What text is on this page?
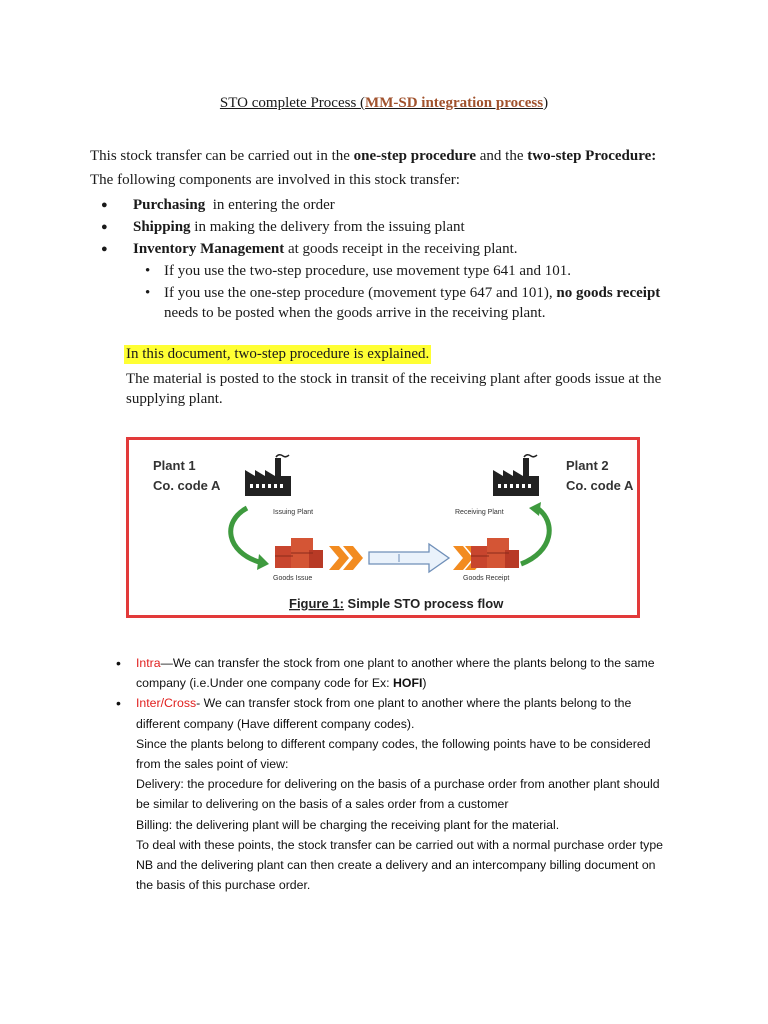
STO complete Process (MM-SD integration process)
This stock transfer can be carried out in the one-step procedure and the two-step Procedure:
The following components are involved in this stock transfer:
● Purchasing  in entering the order
● Shipping in making the delivery from the issuing plant
● Inventory Management at goods receipt in the receiving plant.
• If you use the two-step procedure, use movement type 641 and 101.
• If you use the one-step procedure (movement type 647 and 101), no goods receipt needs to be posted when the goods arrive in the receiving plant.
In this document, two-step procedure is explained.
The material is posted to the stock in transit of the receiving plant after goods issue at the supplying plant.
Plant 1
Co. code A
Plant 2
Co. code A
Issuing Plant	Receiving Plant
Goods Issue	Goods Receipt
Figure 1: Simple STO process flow
• Intra—We can transfer the stock from one plant to another where the plants belong to the same company (i.e.Under one company code for Ex: HOFI)
• Inter/Cross- We can transfer stock from one plant to another where the plants belong to the different company (Have different company codes).
Since the plants belong to different company codes, the following points have to be considered from the sales point of view:
Delivery: the procedure for delivering on the basis of a purchase order from another plant should be similar to delivering on the basis of a sales order from a customer
Billing: the delivering plant will be charging the receiving plant for the material.
To deal with these points, the stock transfer can be carried out with a normal purchase order type NB and the delivering plant can then create a delivery and an intercompany billing document on the basis of this purchase order.
